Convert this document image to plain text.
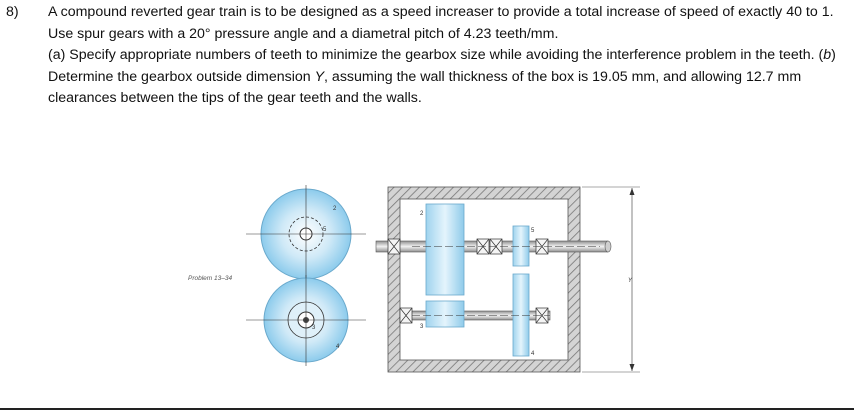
8) A compound reverted gear train is to be designed as a speed increaser to provide a total increase of speed of exactly 40 to 1. Use spur gears with a 20° pressure angle and a diametral pitch of 4.23 teeth/mm.

(a) Specify appropriate numbers of teeth to minimize the gearbox size while avoiding the interference problem in the teeth. (b) Determine the gearbox outside dimension Y, assuming the wall thickness of the box is 19.05 mm, and allowing 12.7 mm clearances between the tips of the gear teeth and the walls.

Problem 13–34
2
5
3
4
2
3
5
4
Y
